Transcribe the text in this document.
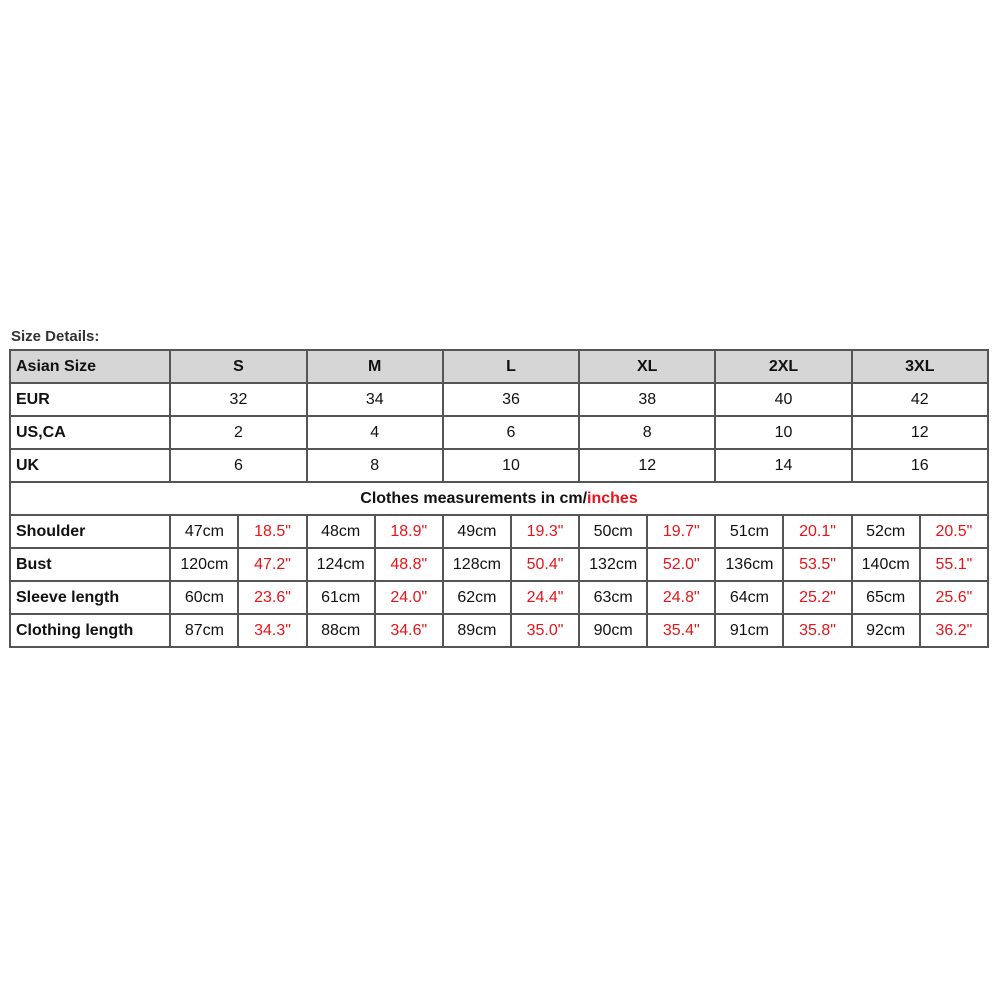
Size Details:
Asian Size	S		M		L		XL		2XL		3XL	
EUR	32		34		36		38		40		42	
US,CA	2		4		6		8		10		12	
UK	6		8		10		12		14		16	
Clothes measurements in cm/inches												
Shoulder	47cm	18.5"	48cm	18.9"	49cm	19.3"	50cm	19.7"	51cm	20.1"	52cm	20.5"
Bust	120cm	47.2"	124cm	48.8"	128cm	50.4"	132cm	52.0"	136cm	53.5"	140cm	55.1"
Sleeve length	60cm	23.6"	61cm	24.0"	62cm	24.4"	63cm	24.8"	64cm	25.2"	65cm	25.6"
Clothing length	87cm	34.3"	88cm	34.6"	89cm	35.0"	90cm	35.4"	91cm	35.8"	92cm	36.2"
